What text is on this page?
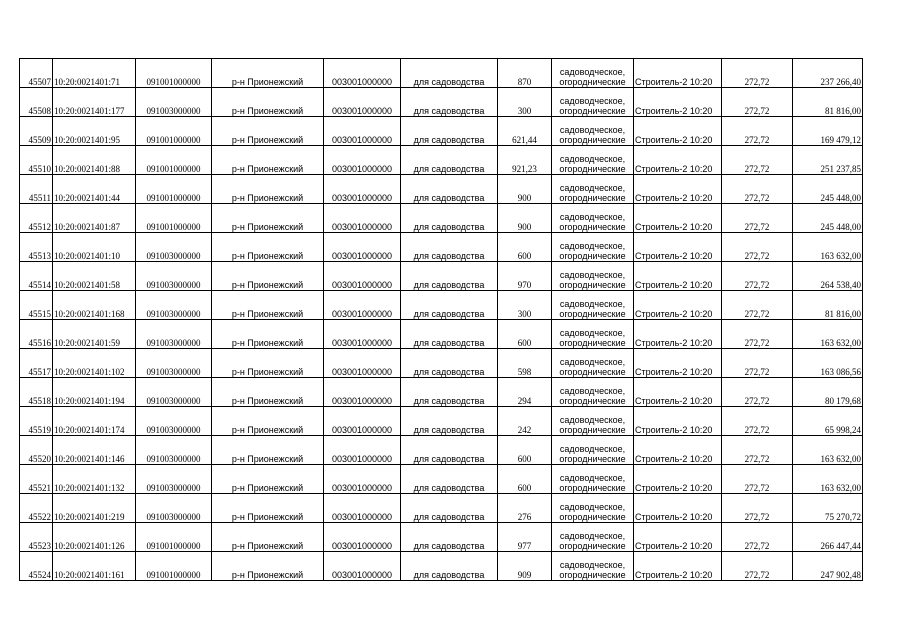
45507	10:20:0021401:71	091001000000	р-н Прионежский	003001000000	для садоводства	870	садоводческое,
огороднические	Строитель-2 10:20	272,72	237 266,40
45508	10:20:0021401:177	091003000000	р-н Прионежский	003001000000	для садоводства	300	садоводческое,
огороднические	Строитель-2 10:20	272,72	81 816,00
45509	10:20:0021401:95	091001000000	р-н Прионежский	003001000000	для садоводства	621,44	садоводческое,
огороднические	Строитель-2 10:20	272,72	169 479,12
45510	10:20:0021401:88	091001000000	р-н Прионежский	003001000000	для садоводства	921,23	садоводческое,
огороднические	Строитель-2 10:20	272,72	251 237,85
45511	10:20:0021401:44	091001000000	р-н Прионежский	003001000000	для садоводства	900	садоводческое,
огороднические	Строитель-2 10:20	272,72	245 448,00
45512	10:20:0021401:87	091001000000	р-н Прионежский	003001000000	для садоводства	900	садоводческое,
огороднические	Строитель-2 10:20	272,72	245 448,00
45513	10:20:0021401:10	091003000000	р-н Прионежский	003001000000	для садоводства	600	садоводческое,
огороднические	Строитель-2 10:20	272,72	163 632,00
45514	10:20:0021401:58	091003000000	р-н Прионежский	003001000000	для садоводства	970	садоводческое,
огороднические	Строитель-2 10:20	272,72	264 538,40
45515	10:20:0021401:168	091003000000	р-н Прионежский	003001000000	для садоводства	300	садоводческое,
огороднические	Строитель-2 10:20	272,72	81 816,00
45516	10:20:0021401:59	091003000000	р-н Прионежский	003001000000	для садоводства	600	садоводческое,
огороднические	Строитель-2 10:20	272,72	163 632,00
45517	10:20:0021401:102	091003000000	р-н Прионежский	003001000000	для садоводства	598	садоводческое,
огороднические	Строитель-2 10:20	272,72	163 086,56
45518	10:20:0021401:194	091003000000	р-н Прионежский	003001000000	для садоводства	294	садоводческое,
огороднические	Строитель-2 10:20	272,72	80 179,68
45519	10:20:0021401:174	091003000000	р-н Прионежский	003001000000	для садоводства	242	садоводческое,
огороднические	Строитель-2 10:20	272,72	65 998,24
45520	10:20:0021401:146	091003000000	р-н Прионежский	003001000000	для садоводства	600	садоводческое,
огороднические	Строитель-2 10:20	272,72	163 632,00
45521	10:20:0021401:132	091003000000	р-н Прионежский	003001000000	для садоводства	600	садоводческое,
огороднические	Строитель-2 10:20	272,72	163 632,00
45522	10:20:0021401:219	091003000000	р-н Прионежский	003001000000	для садоводства	276	садоводческое,
огороднические	Строитель-2 10:20	272,72	75 270,72
45523	10:20:0021401:126	091001000000	р-н Прионежский	003001000000	для садоводства	977	садоводческое,
огороднические	Строитель-2 10:20	272,72	266 447,44
45524	10:20:0021401:161	091001000000	р-н Прионежский	003001000000	для садоводства	909	садоводческое,
огороднические	Строитель-2 10:20	272,72	247 902,48
